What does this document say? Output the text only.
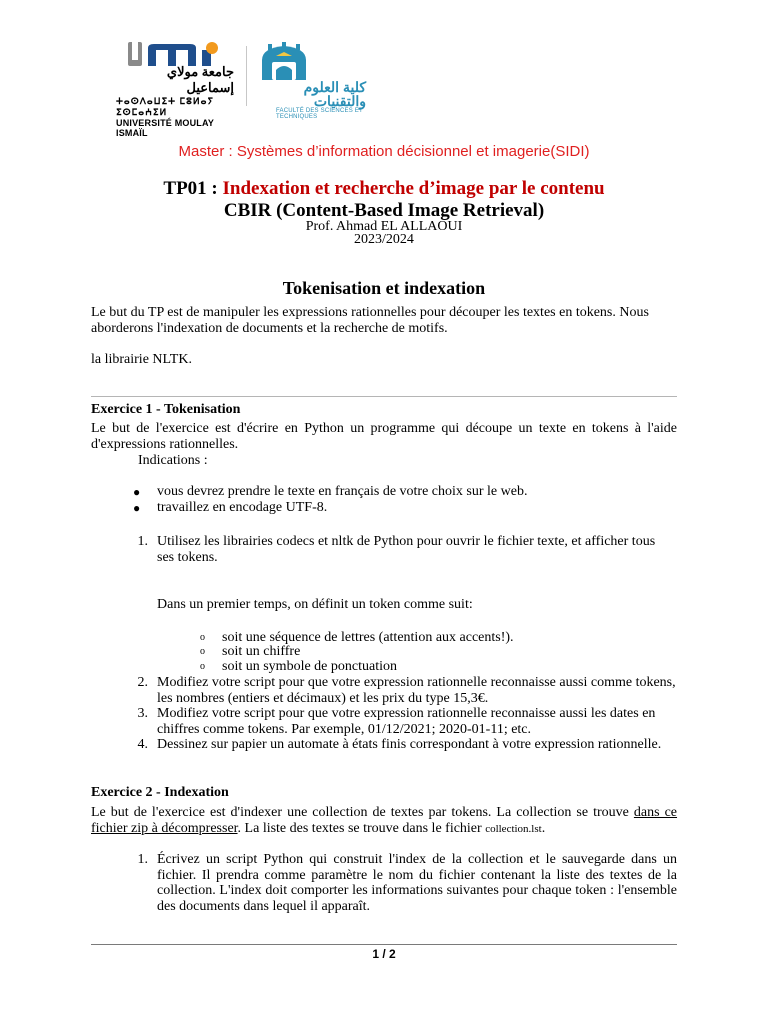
جامعة مولاي إسماعيل
ⵜⴰⵙⴷⴰⵡⵉⵜ ⵎⵓⵍⴰⵢ ⵉⵙⵎⴰⵄⵉⵍ
UNIVERSITÉ MOULAY ISMAÏL
كلية العلوم والتقنيات
FACULTÉ DES SCIENCES ET TECHNIQUES
Master : Systèmes d’information décisionnel et imagerie(SIDI)
TP01 : Indexation et recherche d’image par le contenu
CBIR (Content-Based Image Retrieval)
Prof. Ahmad EL ALLAOUI
2023/2024
Tokenisation et indexation
Le but du TP est de manipuler les expressions rationnelles pour découper les textes en tokens. Nous
aborderons l'indexation de documents et la recherche de motifs.
la librairie NLTK.
Exercice 1 - Tokenisation
Le but de l'exercice est d'écrire en Python un programme qui découpe un texte en tokens à l'aide
d'expressions rationnelles.
Indications :
● vous devrez prendre le texte en français de votre choix sur le web.
● travaillez en encodage UTF-8.
1. Utilisez les librairies codecs et nltk de Python pour ouvrir le fichier texte, et afficher tous
ses tokens.
Dans un premier temps, on définit un token comme suit:
o soit une séquence de lettres (attention aux accents!).
o soit un chiffre
o soit un symbole de ponctuation
2. Modifiez votre script pour que votre expression rationnelle reconnaisse aussi comme tokens,
les nombres (entiers et décimaux) et les prix du type 15,3€.
3. Modifiez votre script pour que votre expression rationnelle reconnaisse aussi les dates en
chiffres comme tokens. Par exemple, 01/12/2021; 2020-01-11; etc.
4. Dessinez sur papier un automate à états finis correspondant à votre expression rationnelle.
Exercice 2 - Indexation
Le but de l'exercice est d'indexer une collection de textes par tokens. La collection se trouve dans ce
fichier zip à décompresser. La liste des textes se trouve dans le fichier collection.lst.
1. Écrivez un script Python qui construit l'index de la collection et le sauvegarde dans un
fichier. Il prendra comme paramètre le nom du fichier contenant la liste des textes de la
collection. L'index doit comporter les informations suivantes pour chaque token : l'ensemble
des documents dans lequel il apparaît.
1 / 2
